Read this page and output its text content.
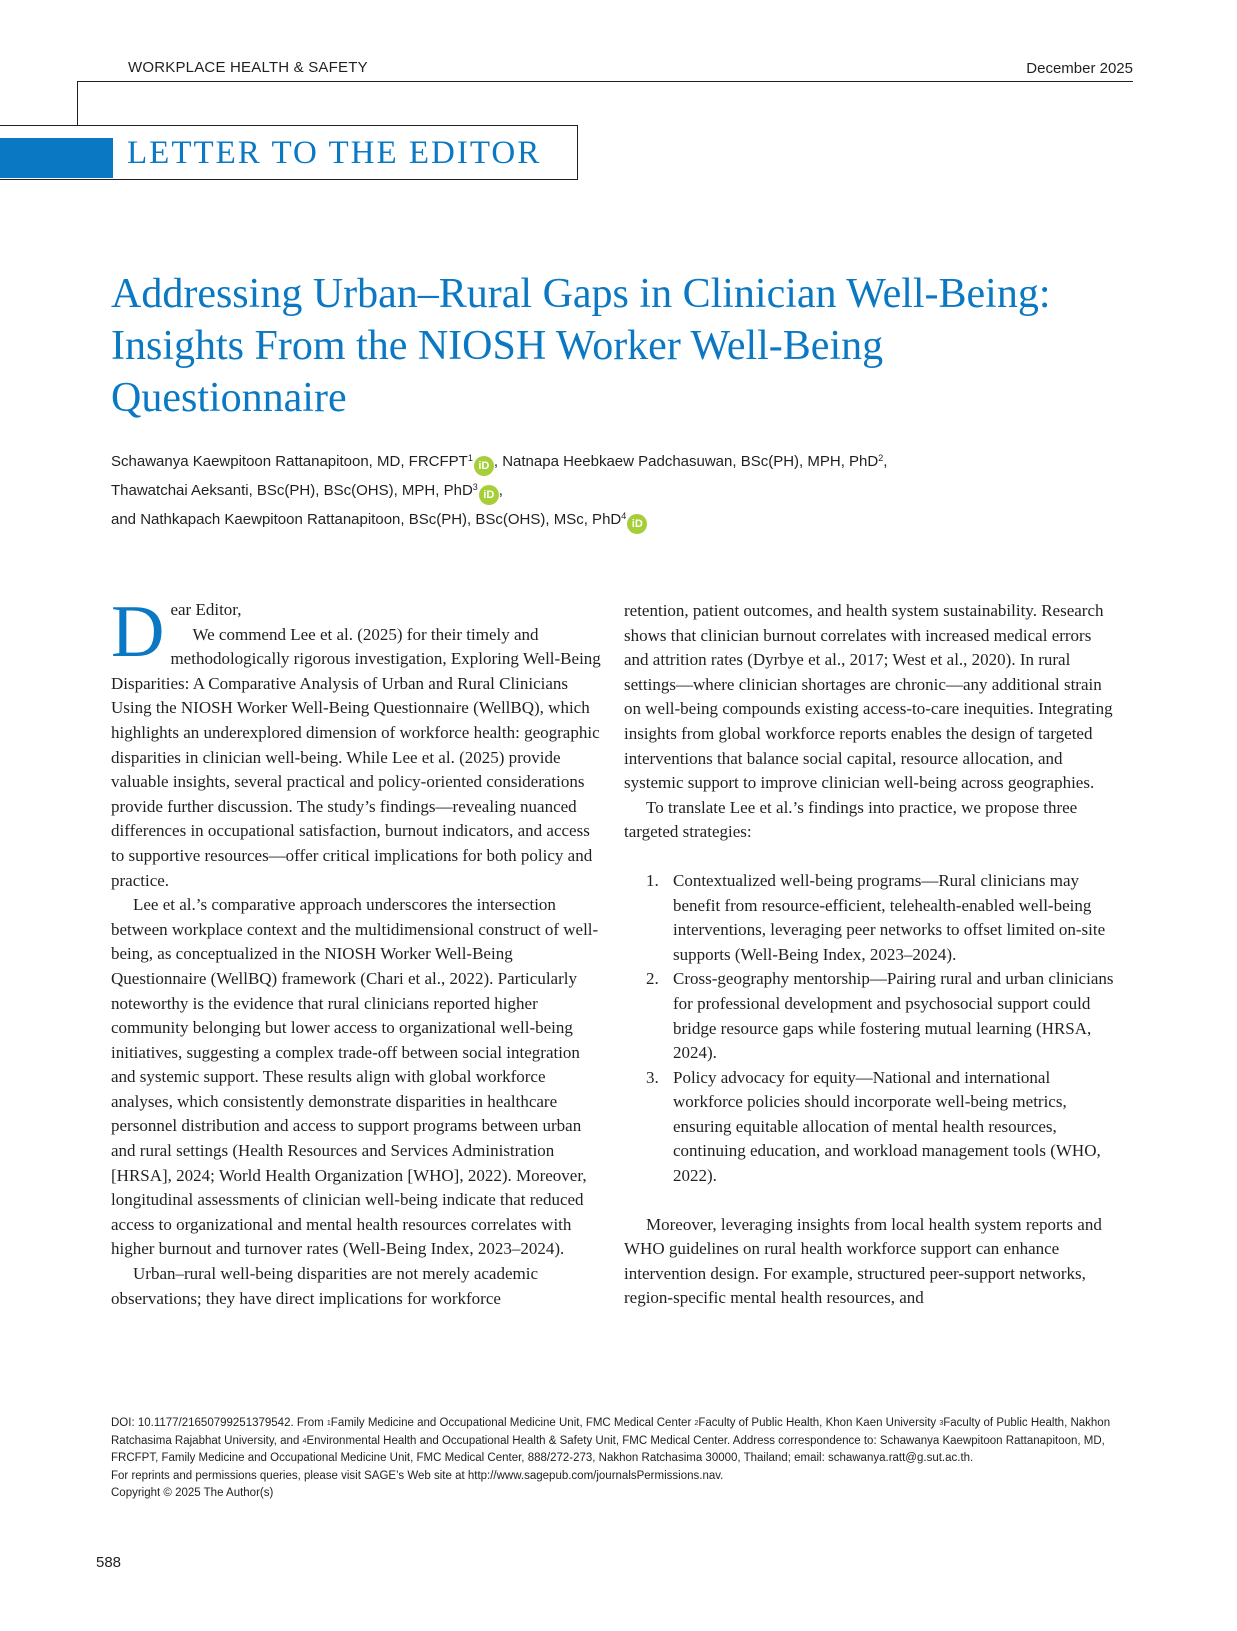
WORKPLACE HEALTH & SAFETY	December 2025
LETTER TO THE EDITOR
Addressing Urban–Rural Gaps in Clinician Well-Being: Insights From the NIOSH Worker Well-Being Questionnaire
Schawanya Kaewpitoon Rattanapitoon, MD, FRCFPT$^1$iD , Natnapa Heebkaew Padchasuwan, BSc(PH), MPH, PhD$^2$,
Thawatchai Aeksanti, BSc(PH), BSc(OHS), MPH, PhD$^3$iD ,
and Nathkapach Kaewpitoon Rattanapitoon, BSc(PH), BSc(OHS), MSc, PhD$^4$iD
D ear Editor,

We commend Lee et al. (2025) for their timely and methodologically rigorous investigation, Exploring Well-Being Disparities: A Comparative Analysis of Urban and Rural Clinicians Using the NIOSH Worker Well-Being Questionnaire (WellBQ), which highlights an underexplored dimension of workforce health: geographic disparities in clinician well-being. While Lee et al. (2025) provide valuable insights, several practical and policy-oriented considerations provide further discussion. The study’s findings—revealing nuanced differences in occupational satisfaction, burnout indicators, and access to supportive resources—offer critical implications for both policy and practice.

Lee et al.’s comparative approach underscores the intersection between workplace context and the multidimensional construct of well-being, as conceptualized in the NIOSH Worker Well-Being Questionnaire (WellBQ) framework (Chari et al., 2022). Particularly noteworthy is the evidence that rural clinicians reported higher community belonging but lower access to organizational well-being initiatives, suggesting a complex trade-off between social integration and systemic support. These results align with global workforce analyses, which consistently demonstrate disparities in healthcare personnel distribution and access to support programs between urban and rural settings (Health Resources and Services Administration [HRSA], 2024; World Health Organization [WHO], 2022). Moreover, longitudinal assessments of clinician well-being indicate that reduced access to organizational and mental health resources correlates with higher burnout and turnover rates (Well-Being Index, 2023–2024).

Urban–rural well-being disparities are not merely academic observations; they have direct implications for workforce

retention, patient outcomes, and health system sustainability. Research shows that clinician burnout correlates with increased medical errors and attrition rates (Dyrbye et al., 2017; West et al., 2020). In rural settings—where clinician shortages are chronic—any additional strain on well-being compounds existing access-to-care inequities. Integrating insights from global workforce reports enables the design of targeted interventions that balance social capital, resource allocation, and systemic support to improve clinician well-being across geographies.

To translate Lee et al.’s findings into practice, we propose three targeted strategies:

1. Contextualized well-being programs—Rural clinicians may benefit from resource-efficient, telehealth-enabled well-being interventions, leveraging peer networks to offset limited on-site supports (Well-Being Index, 2023–2024).
2. Cross-geography mentorship—Pairing rural and urban clinicians for professional development and psychosocial support could bridge resource gaps while fostering mutual learning (HRSA, 2024).
3. Policy advocacy for equity—National and international workforce policies should incorporate well-being metrics, ensuring equitable allocation of mental health resources, continuing education, and workload management tools (WHO, 2022).

Moreover, leveraging insights from local health system reports and WHO guidelines on rural health workforce support can enhance intervention design. For example, structured peer-support networks, region-specific mental health resources, and

DOI: 10.1177/21650799251379542. From $^1$Family Medicine and Occupational Medicine Unit, FMC Medical Center $^2$Faculty of Public Health, Khon Kaen University $^3$Faculty of Public Health, Nakhon Ratchasima Rajabhat University, and $^4$Environmental Health and Occupational Health & Safety Unit, FMC Medical Center. Address correspondence to: Schawanya Kaewpitoon Rattanapitoon, MD, FRCFPT, Family Medicine and Occupational Medicine Unit, FMC Medical Center, 888/272-273, Nakhon Ratchasima 30000, Thailand; email: schawanya.ratt@g.sut.ac.th.

For reprints and permissions queries, please visit SAGE’s Web site at http://www.sagepub.com/journalsPermissions.nav.

Copyright © 2025 The Author(s)

588
